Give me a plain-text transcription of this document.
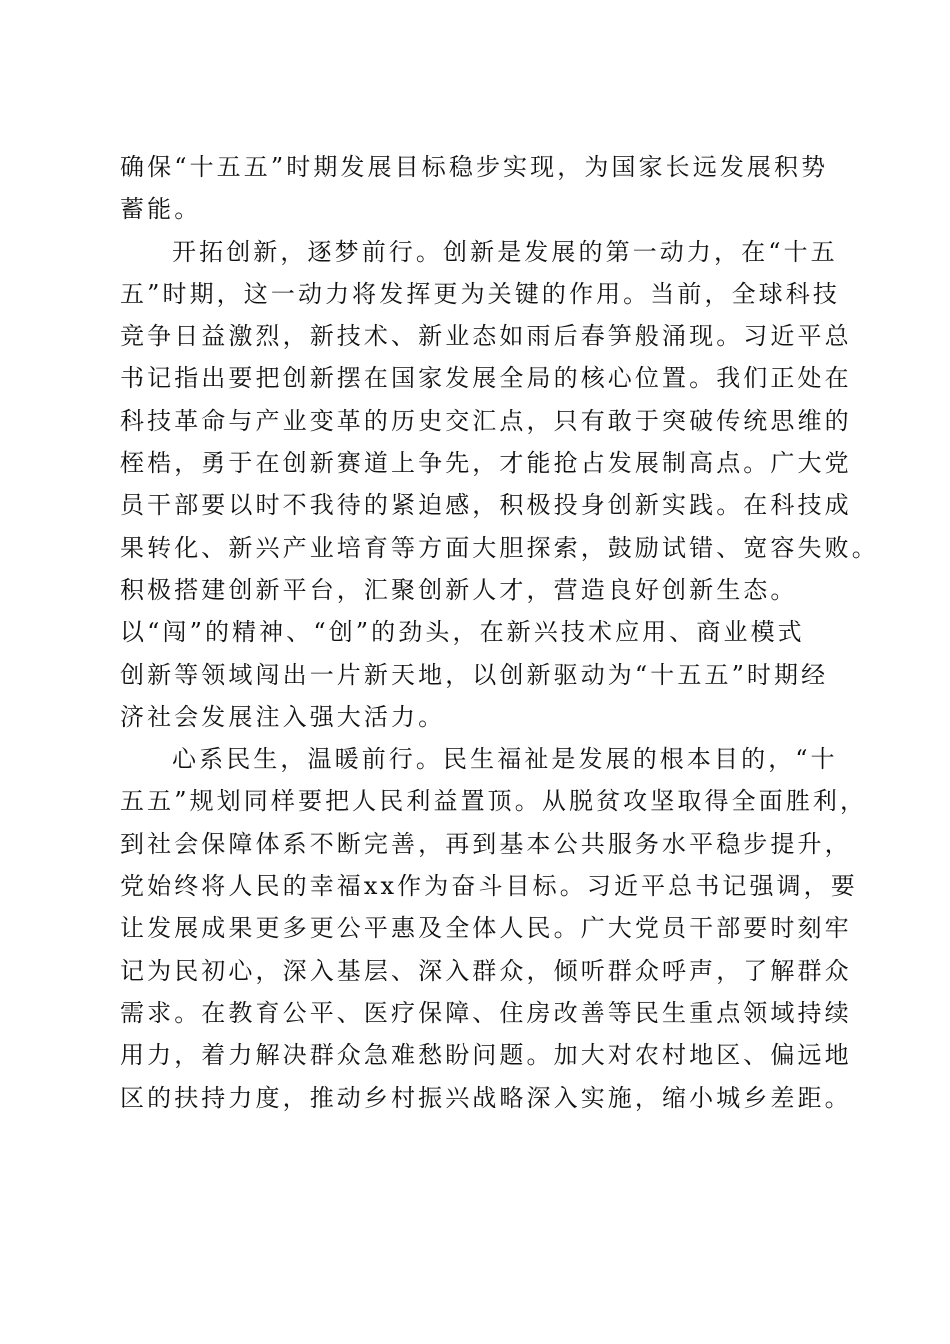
确保“十五五”时期发展目标稳步实现，为国家长远发展积势
蓄能。

开拓创新，逐梦前行。创新是发展的第一动力，在“十五
五”时期，这一动力将发挥更为关键的作用。当前，全球科技
竞争日益激烈，新技术、新业态如雨后春笋般涌现。习近平总
书记指出要把创新摆在国家发展全局的核心位置。我们正处在
科技革命与产业变革的历史交汇点，只有敢于突破传统思维的
桎梏，勇于在创新赛道上争先，才能抢占发展制高点。广大党
员干部要以时不我待的紧迫感，积极投身创新实践。在科技成
果转化、新兴产业培育等方面大胆探索，鼓励试错、宽容失败。
积极搭建创新平台，汇聚创新人才，营造良好创新生态。
以“闯”的精神、“创”的劲头，在新兴技术应用、商业模式
创新等领域闯出一片新天地，以创新驱动为“十五五”时期经
济社会发展注入强大活力。

心系民生，温暖前行。民生福祉是发展的根本目的，“十
五五”规划同样要把人民利益置顶。从脱贫攻坚取得全面胜利，
到社会保障体系不断完善，再到基本公共服务水平稳步提升，
党始终将人民的幸福xx作为奋斗目标。习近平总书记强调，要
让发展成果更多更公平惠及全体人民。广大党员干部要时刻牢
记为民初心，深入基层、深入群众，倾听群众呼声，了解群众
需求。在教育公平、医疗保障、住房改善等民生重点领域持续
用力，着力解决群众急难愁盼问题。加大对农村地区、偏远地
区的扶持力度，推动乡村振兴战略深入实施，缩小城乡差距。
